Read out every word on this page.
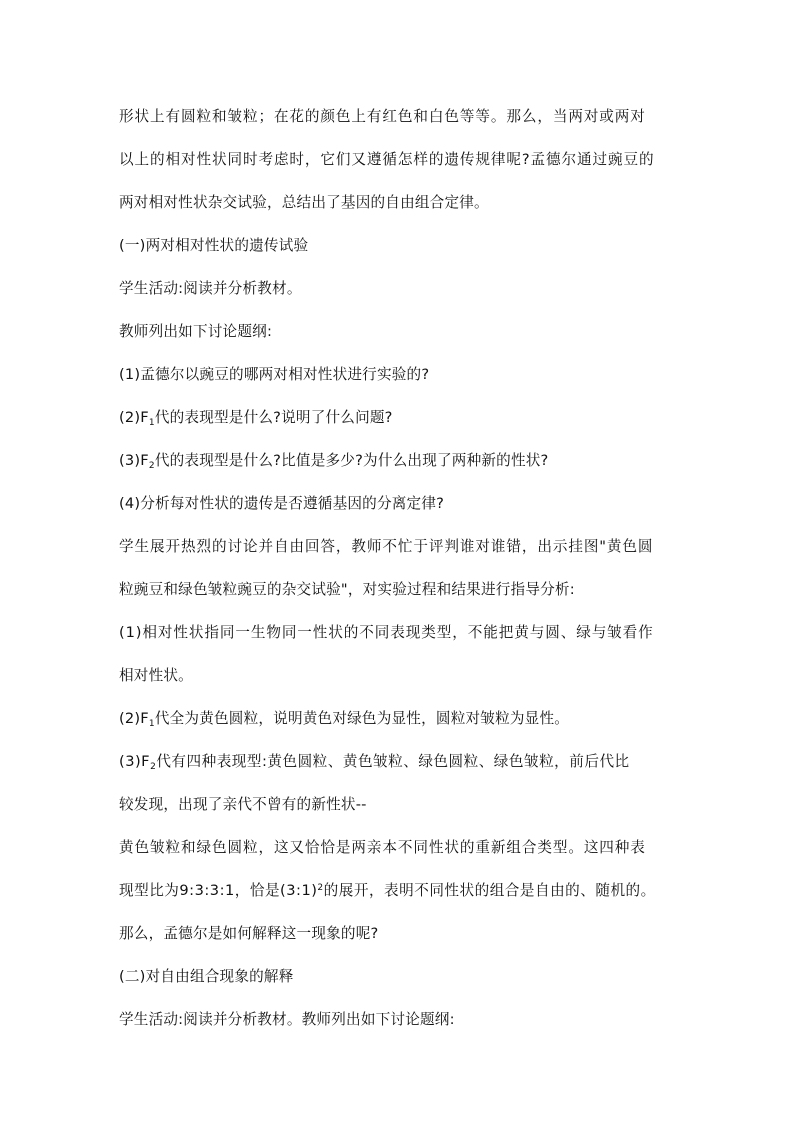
形状上有圆粒和皱粒；在花的颜色上有红色和白色等等。那么，当两对或两对
以上的相对性状同时考虑时，它们又遵循怎样的遗传规律呢?孟德尔通过豌豆的
两对相对性状杂交试验，总结出了基因的自由组合定律。
(一)两对相对性状的遗传试验
学生活动:阅读并分析教材。
教师列出如下讨论题纲:
(1)孟德尔以豌豆的哪两对相对性状进行实验的?
$(2)F_1$代的表现型是什么?说明了什么问题?
$(3)F_2$代的表现型是什么?比值是多少?为什么出现了两种新的性状?
(4)分析每对性状的遗传是否遵循基因的分离定律?
学生展开热烈的讨论并自由回答，教师不忙于评判谁对谁错，出示挂图"黄色圆
粒豌豆和绿色皱粒豌豆的杂交试验"，对实验过程和结果进行指导分析:
(1)相对性状指同一生物同一性状的不同表现类型，不能把黄与圆、绿与皱看作
相对性状。
$(2)F_1$代全为黄色圆粒，说明黄色对绿色为显性，圆粒对皱粒为显性。
$(3)F_2$代有四种表现型:黄色圆粒、黄色皱粒、绿色圆粒、绿色皱粒，前后代比
较发现，出现了亲代不曾有的新性状--
黄色皱粒和绿色圆粒，这又恰恰是两亲本不同性状的重新组合类型。这四种表
现型比为9:3:3:1，恰是(3:1)$^2$的展开，表明不同性状的组合是自由的、随机的。
那么，孟德尔是如何解释这一现象的呢?
(二)对自由组合现象的解释
学生活动:阅读并分析教材。教师列出如下讨论题纲:
